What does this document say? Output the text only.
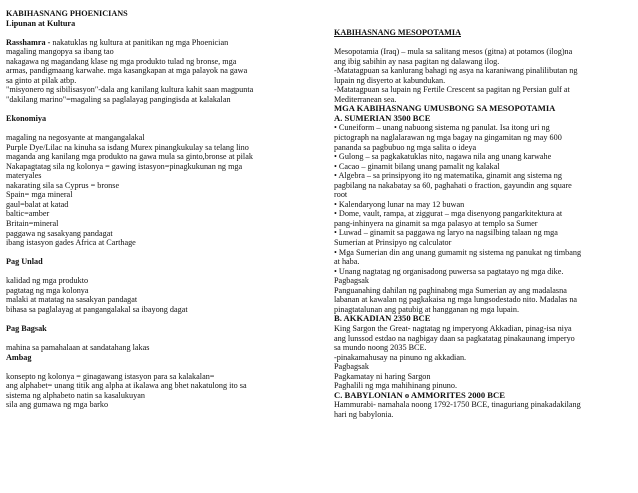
KABIHASNANG PHOENICIANS
Lipunan at Kultura
Rasshamra - nakatuklas ng kultura at panitikan ng mga Phoenician
magaling mangopya sa ibang tao
nakagawa ng magandang klase ng mga produkto tulad ng bronse, mga
armas, pandigmaang karwahe. mga kasangkapan at mga palayok na gawa
sa ginto at pilak atbp.
"misyonero ng sibilisasyon"-dala ang kanilang kultura kahit saan magpunta
"dakilang marino"=magaling sa paglalayag pangingisda at kalakalan
Ekonomiya
magaling na negosyante at mangangalakal
Purple Dye/Lilac na kinuha sa isdang Murex pinangkukulay sa telang lino
maganda ang kanilang mga produkto na gawa mula sa ginto,bronse at pilak
Nakapagtatag sila ng kolonya = gawing istasyon=pinagkukunan ng mga
materyales
nakarating sila sa Cyprus = bronse
Spain= mga mineral
gaul=balat at katad
baltic=amber
Britain=mineral
paggawa ng sasakyang pandagat
ibang istasyon gades Africa at Carthage
Pag Unlad
kalidad ng mga produkto
pagtatag ng mga kolonya
malaki at matatag na sasakyan pandagat
bihasa sa paglalayag at pangangalakal sa ibayong dagat
Pag Bagsak
mahina sa pamahalaan at sandatahang lakas
Ambag
konsepto ng kolonya = ginagawang istasyon para sa kalakalan=
ang alphabet= unang titik ang alpha at ikalawa ang bhet nakatulong ito sa
sistema ng alphabeto natin sa kasalukuyan
sila ang gumawa ng mga barko
KABIHASNANG MESOPOTAMIA
Mesopotamia (Iraq) – mula sa salitang mesos (gitna) at potamos (ilog)na
ang ibig sabihin ay nasa pagitan ng dalawang ilog.
-Matatagpuan sa kanlurang bahagi ng asya na karaniwang pinalilibutan ng
lupain ng disyerto at kabundukan.
-Matatagpuan sa lupain ng Fertile Crescent sa pagitan ng Persian gulf at
Mediterranean sea.
MGA KABIHASNANG UMUSBONG SA MESOPOTAMIA
A. SUMERIAN 3500 BCE
• Cuneiform – unang nabuong sistema ng panulat. Isa itong uri ng
pictograph na naglalarawan ng mga bagay na gingamitan ng may 600
pananda sa pagbubuo ng mga salita o ideya
• Gulong – sa pagkakatuklas nito, nagawa nila ang unang karwahe
• Cacao – ginamit bilang unang pamalit ng kalakal
• Algebra – sa prinsipyong ito ng matematika, ginamit ang sistema ng
pagbilang na nakabatay sa 60, paghahati o fraction, gayundin ang square
root
• Kalendaryong lunar na may 12 buwan
• Dome, vault, rampa, at ziggurat – mga disenyong pangarkitektura at
pang-inhinyera na ginamit sa mga palasyo at templo sa Sumer
• Luwad – ginamit sa paggawa ng laryo na nagsilbing talaan ng mga
Sumerian at Prinsipyo ng calculator
• Mga Sumerian din ang unang gumamit ng sistema ng panukat ng timbang
at haba.
• Unang nagtatag ng organisadong puwersa sa pagtatayo ng mga dike.
Pagbagsak
Panguanahing dahilan ng paghinabng mga Sumerian ay ang madalasna
labanan at kawalan ng pagkakaisa ng mga lungsodestado nito. Madalas na
pinagtatalunan ang patubig at hangganan ng mga lupain.
B. AKKADIAN 2350 BCE
King Sargon the Great- nagtatag ng imperyong Akkadian, pinag-isa niya
ang lunssod estdao na nagbigay daan sa pagkatatag pinakaunang imperyo
sa mundo noong 2035 BCE.
-pinakamahusay na pinuno ng akkadian.
Pagbagsak
Pagkamatay ni haring Sargon
Paghalili ng mga mahihinang pinuno.
C. BABYLONIAN o AMMORITES 2000 BCE
Hammurabi- namahala noong 1792-1750 BCE, tinaguriang pinakadakilang
hari ng babylonia.
